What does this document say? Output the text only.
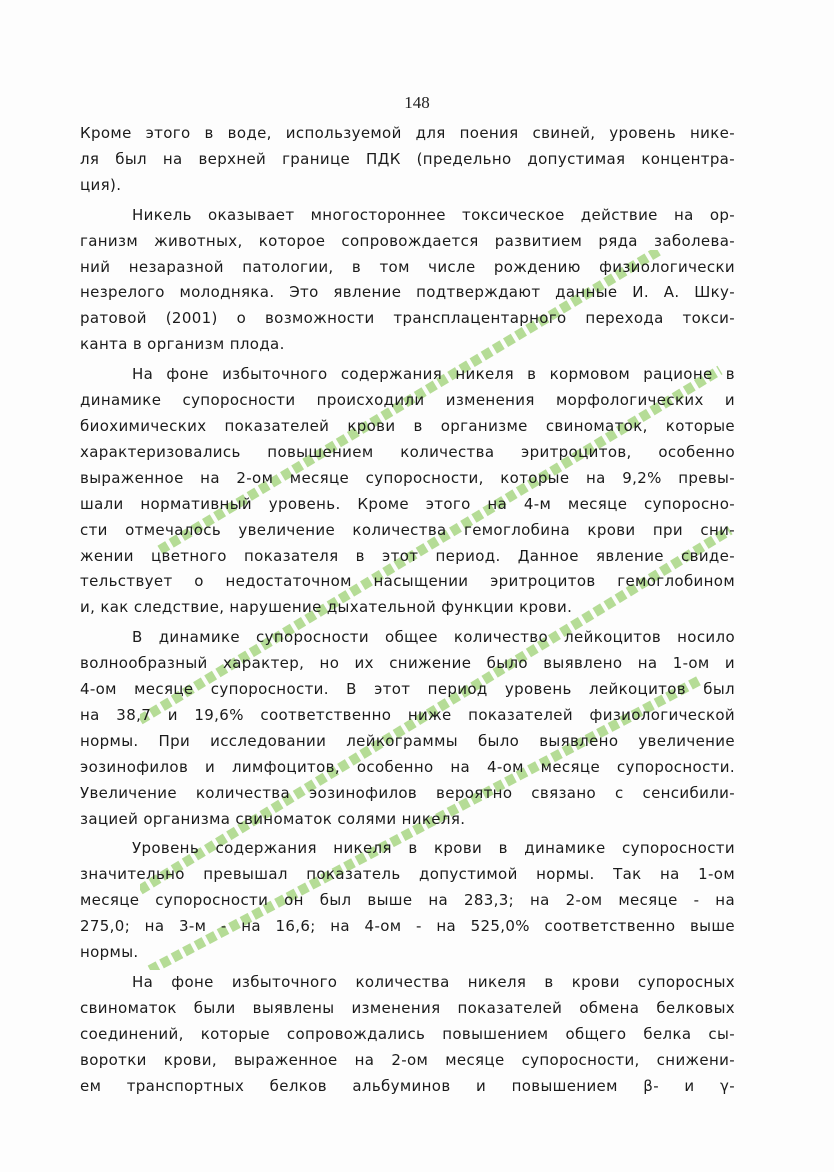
148
Кроме этого в воде, используемой для поения свиней, уровень нике-
ля был на верхней границе ПДК (предельно допустимая концентра-
ция).
Никель оказывает многостороннее токсическое действие на ор-
ганизм животных, которое сопровождается развитием ряда заболева-
ний незаразной патологии, в том числе рождению физиологически
незрелого молодняка. Это явление подтверждают данные И. А. Шку-
ратовой (2001) о возможности трансплацентарного перехода токси-
канта в организм плода.
На фоне избыточного содержания никеля в кормовом рационе в
динамике супоросности происходили изменения морфологических и
биохимических показателей крови в организме свиноматок, которые
характеризовались повышением количества эритроцитов, особенно
выраженное на 2-ом месяце супоросности, которые на 9,2% превы-
шали нормативный уровень. Кроме этого на 4-м месяце супоросно-
сти отмечалось увеличение количества гемоглобина крови при сни-
жении цветного показателя в этот период. Данное явление свиде-
тельствует о недостаточном насыщении эритроцитов гемоглобином
и, как следствие, нарушение дыхательной функции крови.
В динамике супоросности общее количество лейкоцитов носило
волнообразный характер, но их снижение было выявлено на 1-ом и
4-ом месяце супоросности. В этот период уровень лейкоцитов был
на 38,7 и 19,6% соответственно ниже показателей физиологической
нормы. При исследовании лейкограммы было выявлено увеличение
эозинофилов и лимфоцитов, особенно на 4-ом месяце супоросности.
Увеличение количества эозинофилов вероятно связано с сенсибили-
зацией организма свиноматок солями никеля.
Уровень содержания никеля в крови в динамике супоросности
значительно превышал показатель допустимой нормы. Так на 1-ом
месяце супоросности он был выше на 283,3; на 2-ом месяце - на
275,0; на 3-м - на 16,6; на 4-ом - на 525,0% соответственно выше
нормы.
На фоне избыточного количества никеля в крови супоросных
свиноматок были выявлены изменения показателей обмена белковых
соединений, которые сопровождались повышением общего белка сы-
воротки крови, выраженное на 2-ом месяце супоросности, снижени-
ем транспортных белков альбуминов и повышением β- и γ-
